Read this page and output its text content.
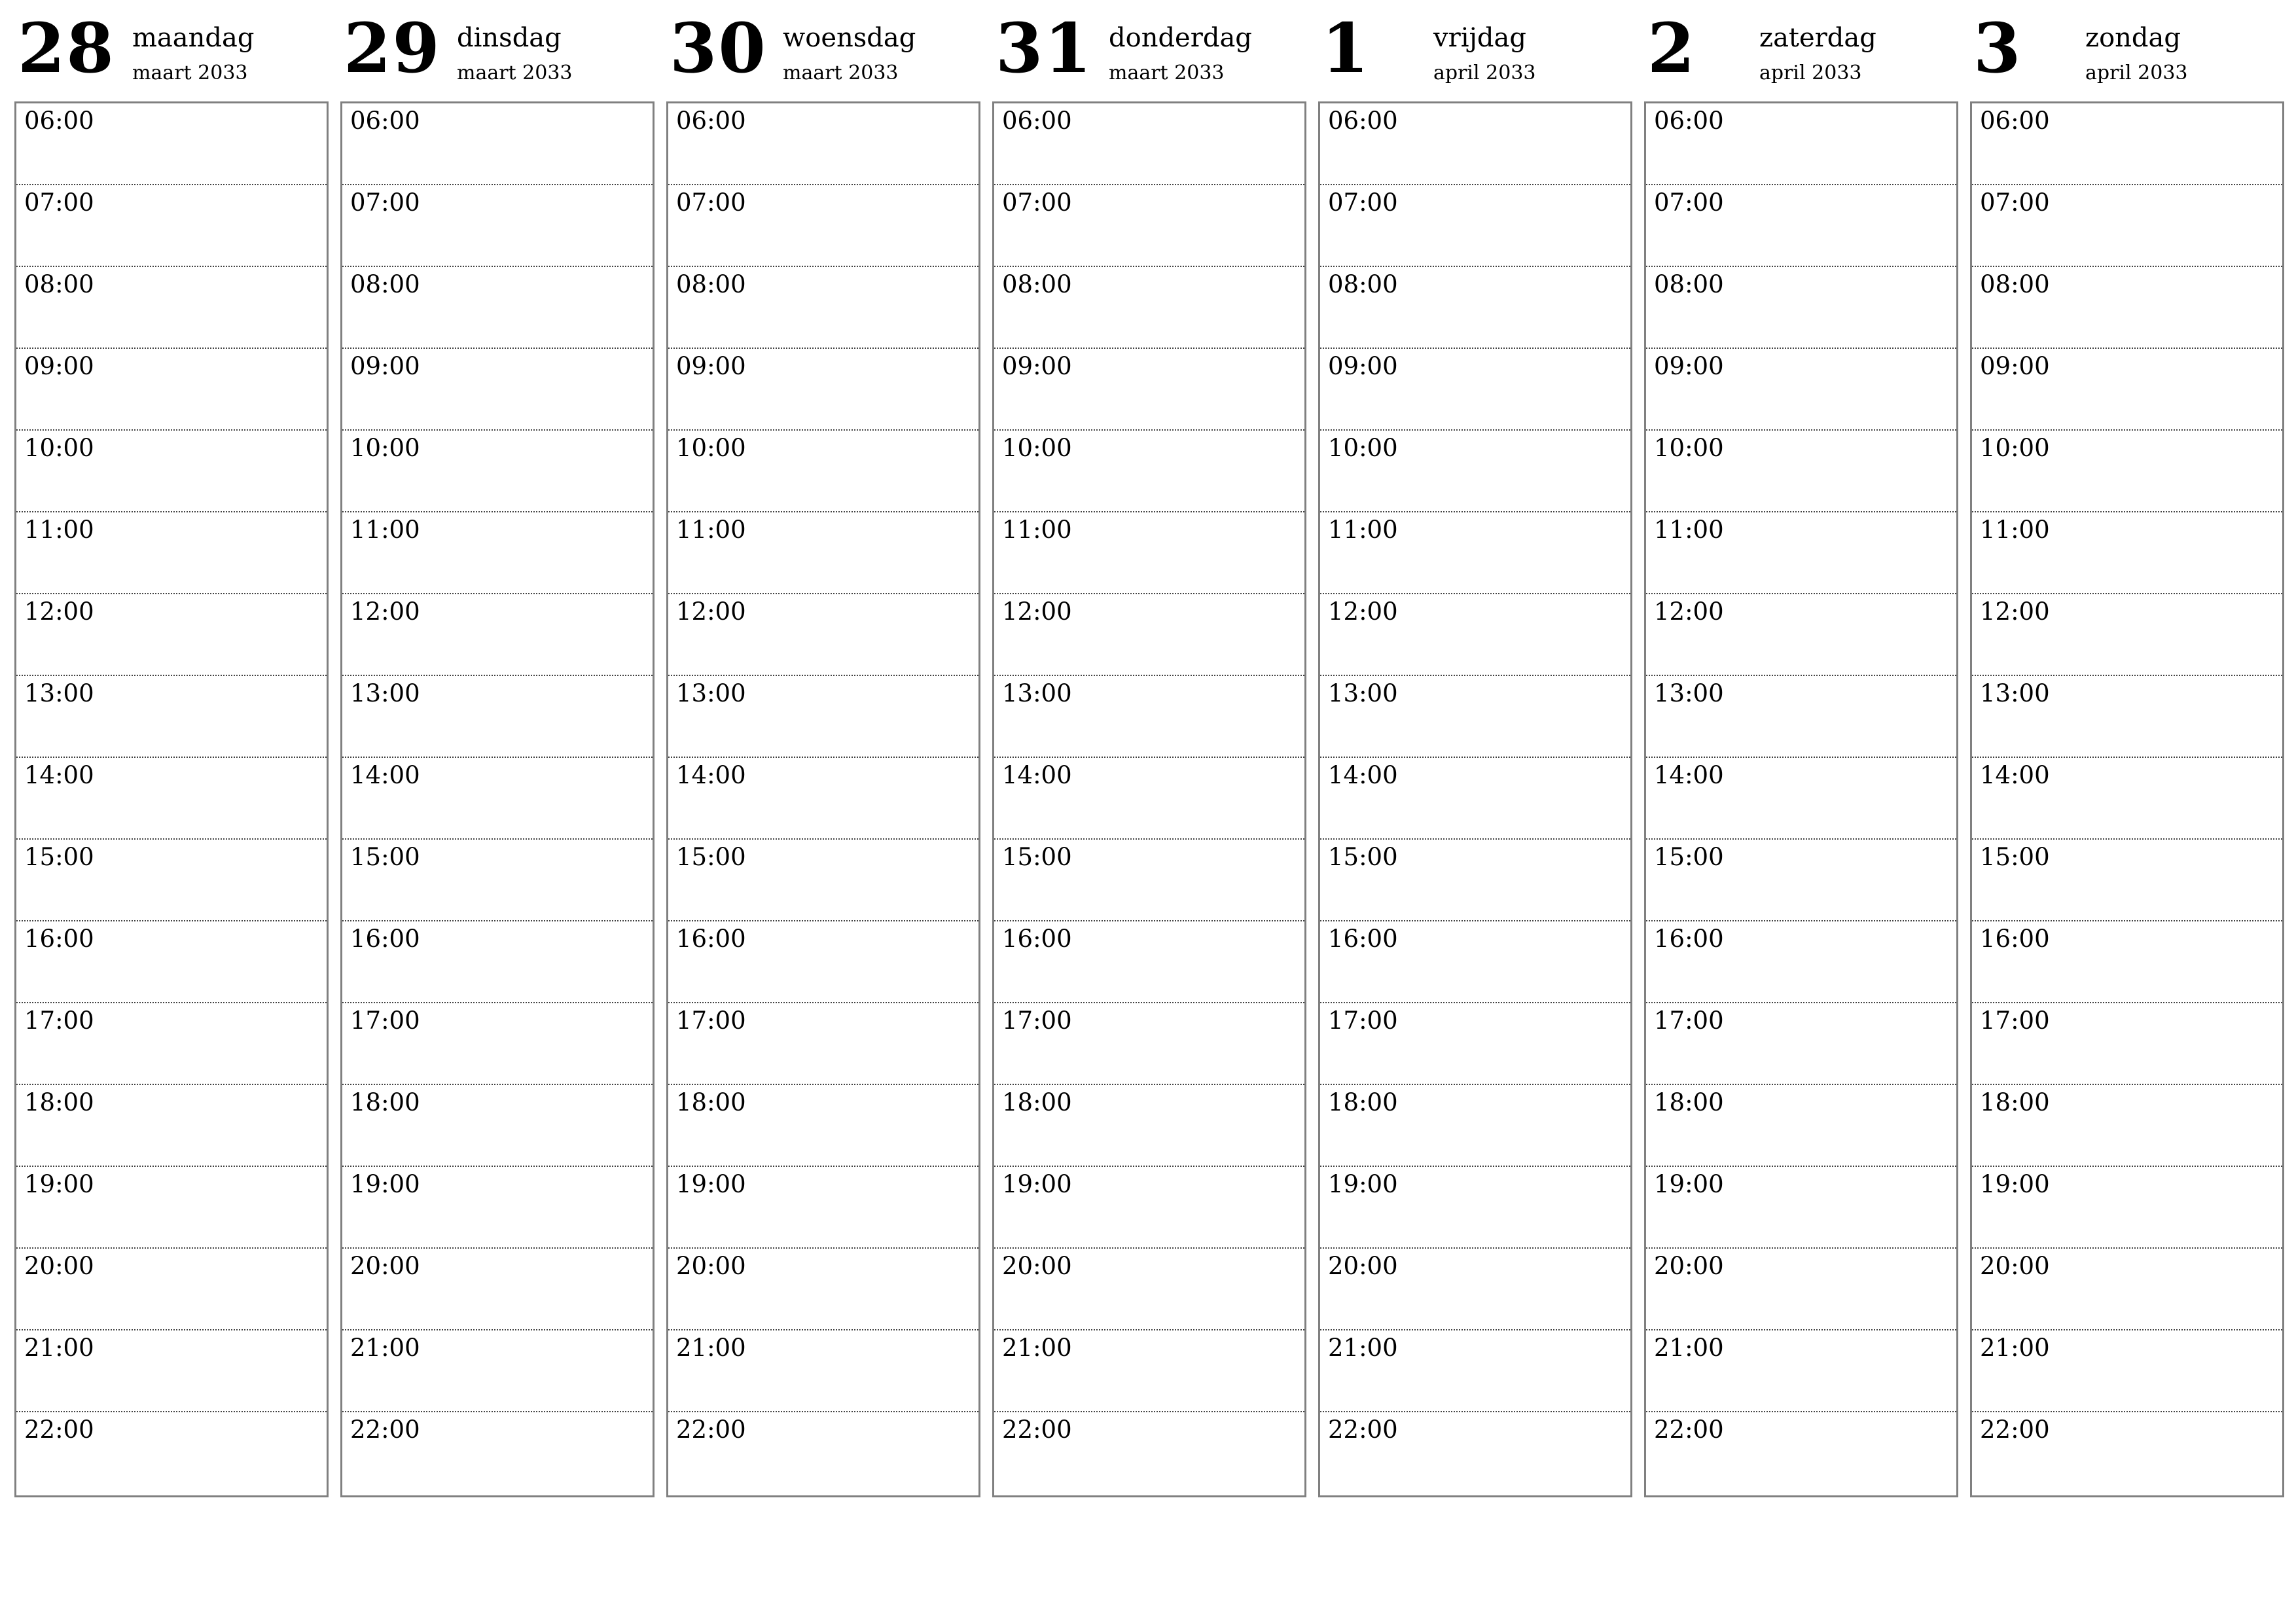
28 maandag
maart 2033
06:00
07:00
08:00
09:00
10:00
11:00
12:00
13:00
14:00
15:00
16:00
17:00
18:00
19:00
20:00
21:00
22:00
29 dinsdag
maart 2033
06:00
07:00
08:00
09:00
10:00
11:00
12:00
13:00
14:00
15:00
16:00
17:00
18:00
19:00
20:00
21:00
22:00
30 woensdag
maart 2033
06:00
07:00
08:00
09:00
10:00
11:00
12:00
13:00
14:00
15:00
16:00
17:00
18:00
19:00
20:00
21:00
22:00
31 donderdag
maart 2033
06:00
07:00
08:00
09:00
10:00
11:00
12:00
13:00
14:00
15:00
16:00
17:00
18:00
19:00
20:00
21:00
22:00
1 vrijdag
april 2033
06:00
07:00
08:00
09:00
10:00
11:00
12:00
13:00
14:00
15:00
16:00
17:00
18:00
19:00
20:00
21:00
22:00
2 zaterdag
april 2033
06:00
07:00
08:00
09:00
10:00
11:00
12:00
13:00
14:00
15:00
16:00
17:00
18:00
19:00
20:00
21:00
22:00
3 zondag
april 2033
06:00
07:00
08:00
09:00
10:00
11:00
12:00
13:00
14:00
15:00
16:00
17:00
18:00
19:00
20:00
21:00
22:00
